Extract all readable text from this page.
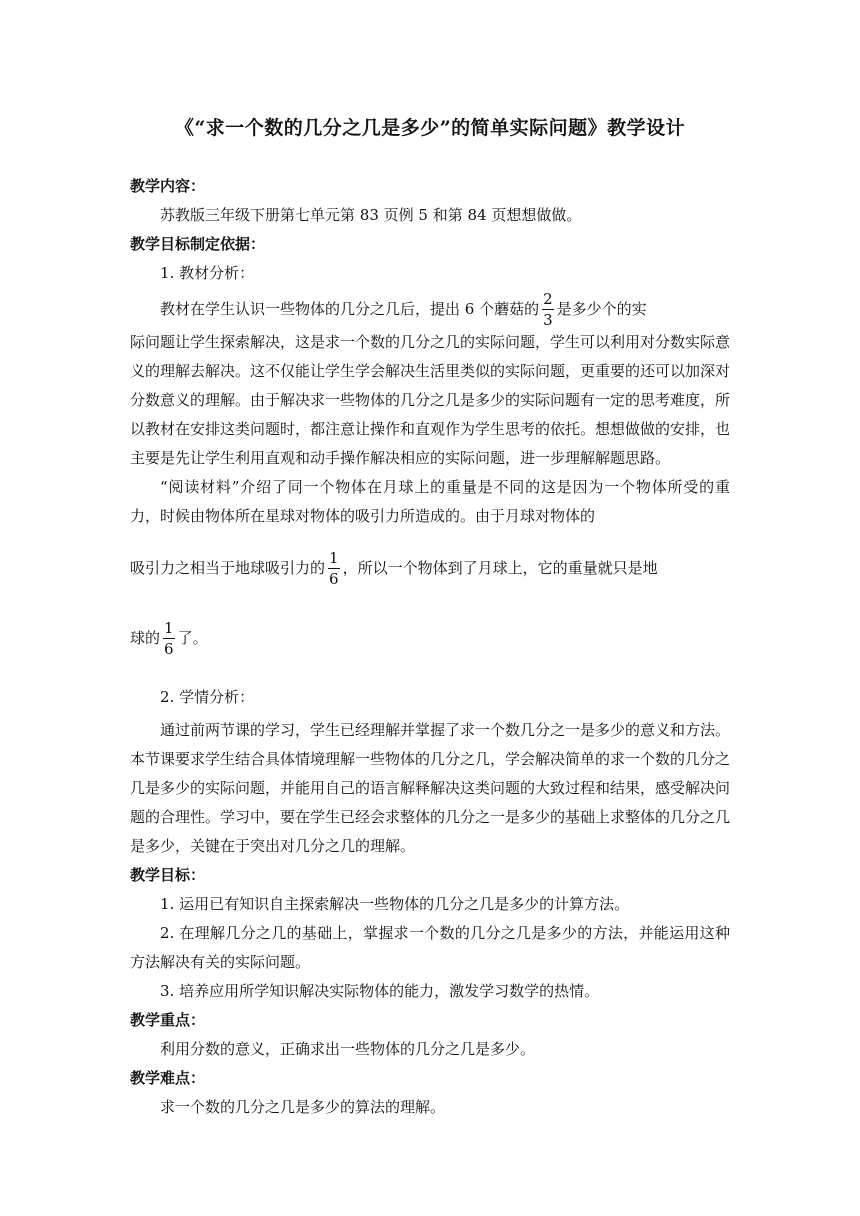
《“求一个数的几分之几是多少”的简单实际问题》教学设计
教学内容：
苏教版三年级下册第七单元第 83 页例 5 和第 84 页想想做做。
教学目标制定依据：
1. 教材分析：
教材在学生认识一些物体的几分之几后，提出 6 个蘑菇的 $\frac{2}{3}$ 是多少个的实
际问题让学生探索解决，这是求一个数的几分之几的实际问题，学生可以利用对分数实际意义的理解去解决。这不仅能让学生学会解决生活里类似的实际问题，更重要的还可以加深对分数意义的理解。由于解决求一些物体的几分之几是多少的实际问题有一定的思考难度，所以教材在安排这类问题时，都注意让操作和直观作为学生思考的依托。想想做做的安排，也主要是先让学生利用直观和动手操作解决相应的实际问题，进一步理解解题思路。
“阅读材料”介绍了同一个物体在月球上的重量是不同的这是因为一个物体所受的重力，时候由物体所在星球对物体的吸引力所造成的。由于月球对物体的
吸引力之相当于地球吸引力的 $\frac{1}{6}$ ，所以一个物体到了月球上，它的重量就只是地
球的 $\frac{1}{6}$ 了。
2. 学情分析：
通过前两节课的学习，学生已经理解并掌握了求一个数几分之一是多少的意义和方法。本节课要求学生结合具体情境理解一些物体的几分之几，学会解决简单的求一个数的几分之几是多少的实际问题，并能用自己的语言解释解决这类问题的大致过程和结果，感受解决问题的合理性。学习中，要在学生已经会求整体的几分之一是多少的基础上求整体的几分之几是多少，关键在于突出对几分之几的理解。
教学目标：
1. 运用已有知识自主探索解决一些物体的几分之几是多少的计算方法。
2. 在理解几分之几的基础上，掌握求一个数的几分之几是多少的方法，并能运用这种方法解决有关的实际问题。
3. 培养应用所学知识解决实际物体的能力，激发学习数学的热情。
教学重点：
利用分数的意义，正确求出一些物体的几分之几是多少。
教学难点：
求一个数的几分之几是多少的算法的理解。
